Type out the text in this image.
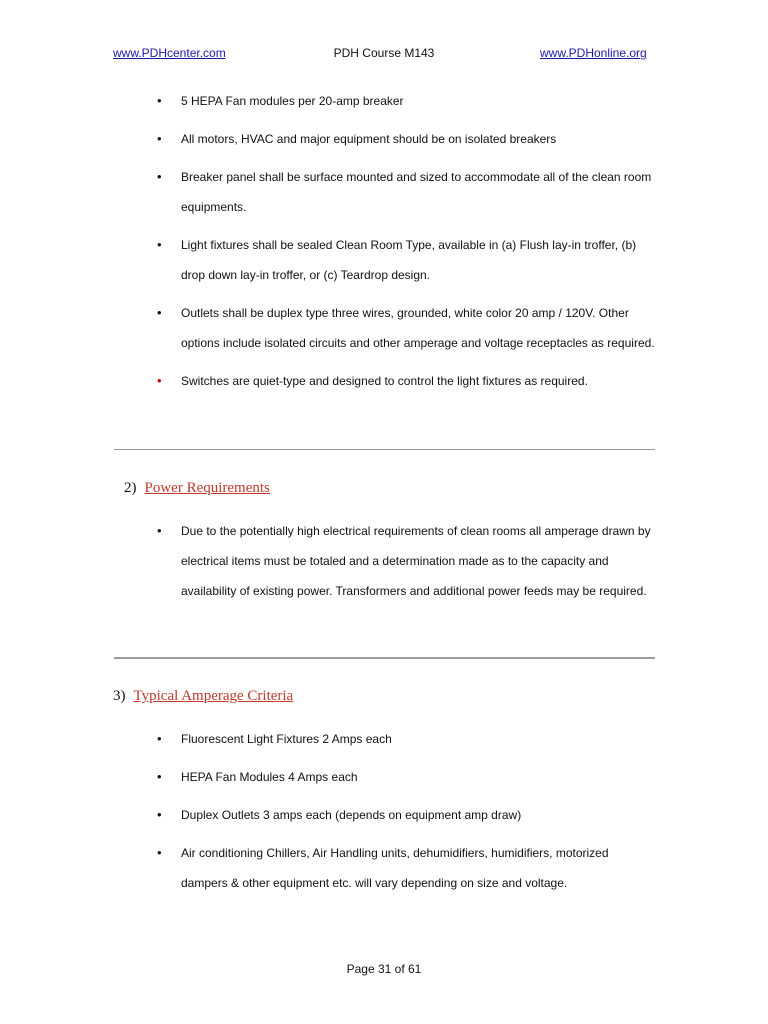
www.PDHcenter.com	PDH Course M143	www.PDHonline.org
• 5 HEPA Fan modules per 20-amp breaker
• All motors, HVAC and major equipment should be on isolated breakers
• Breaker panel shall be surface mounted and sized to accommodate all of the clean room equipments.
• Light fixtures shall be sealed Clean Room Type, available in (a) Flush lay-in troffer, (b) drop down lay-in troffer, or (c) Teardrop design.
• Outlets shall be duplex type three wires, grounded, white color 20 amp / 120V. Other options include isolated circuits and other amperage and voltage receptacles as required.
• Switches are quiet-type and designed to control the light fixtures as required.
2) Power Requirements
• Due to the potentially high electrical requirements of clean rooms all amperage drawn by electrical items must be totaled and a determination made as to the capacity and availability of existing power. Transformers and additional power feeds may be required.
3) Typical Amperage Criteria
• Fluorescent Light Fixtures 2 Amps each
• HEPA Fan Modules 4 Amps each
• Duplex Outlets 3 amps each (depends on equipment amp draw)
• Air conditioning Chillers, Air Handling units, dehumidifiers, humidifiers, motorized dampers & other equipment etc. will vary depending on size and voltage.
Page 31 of 61
